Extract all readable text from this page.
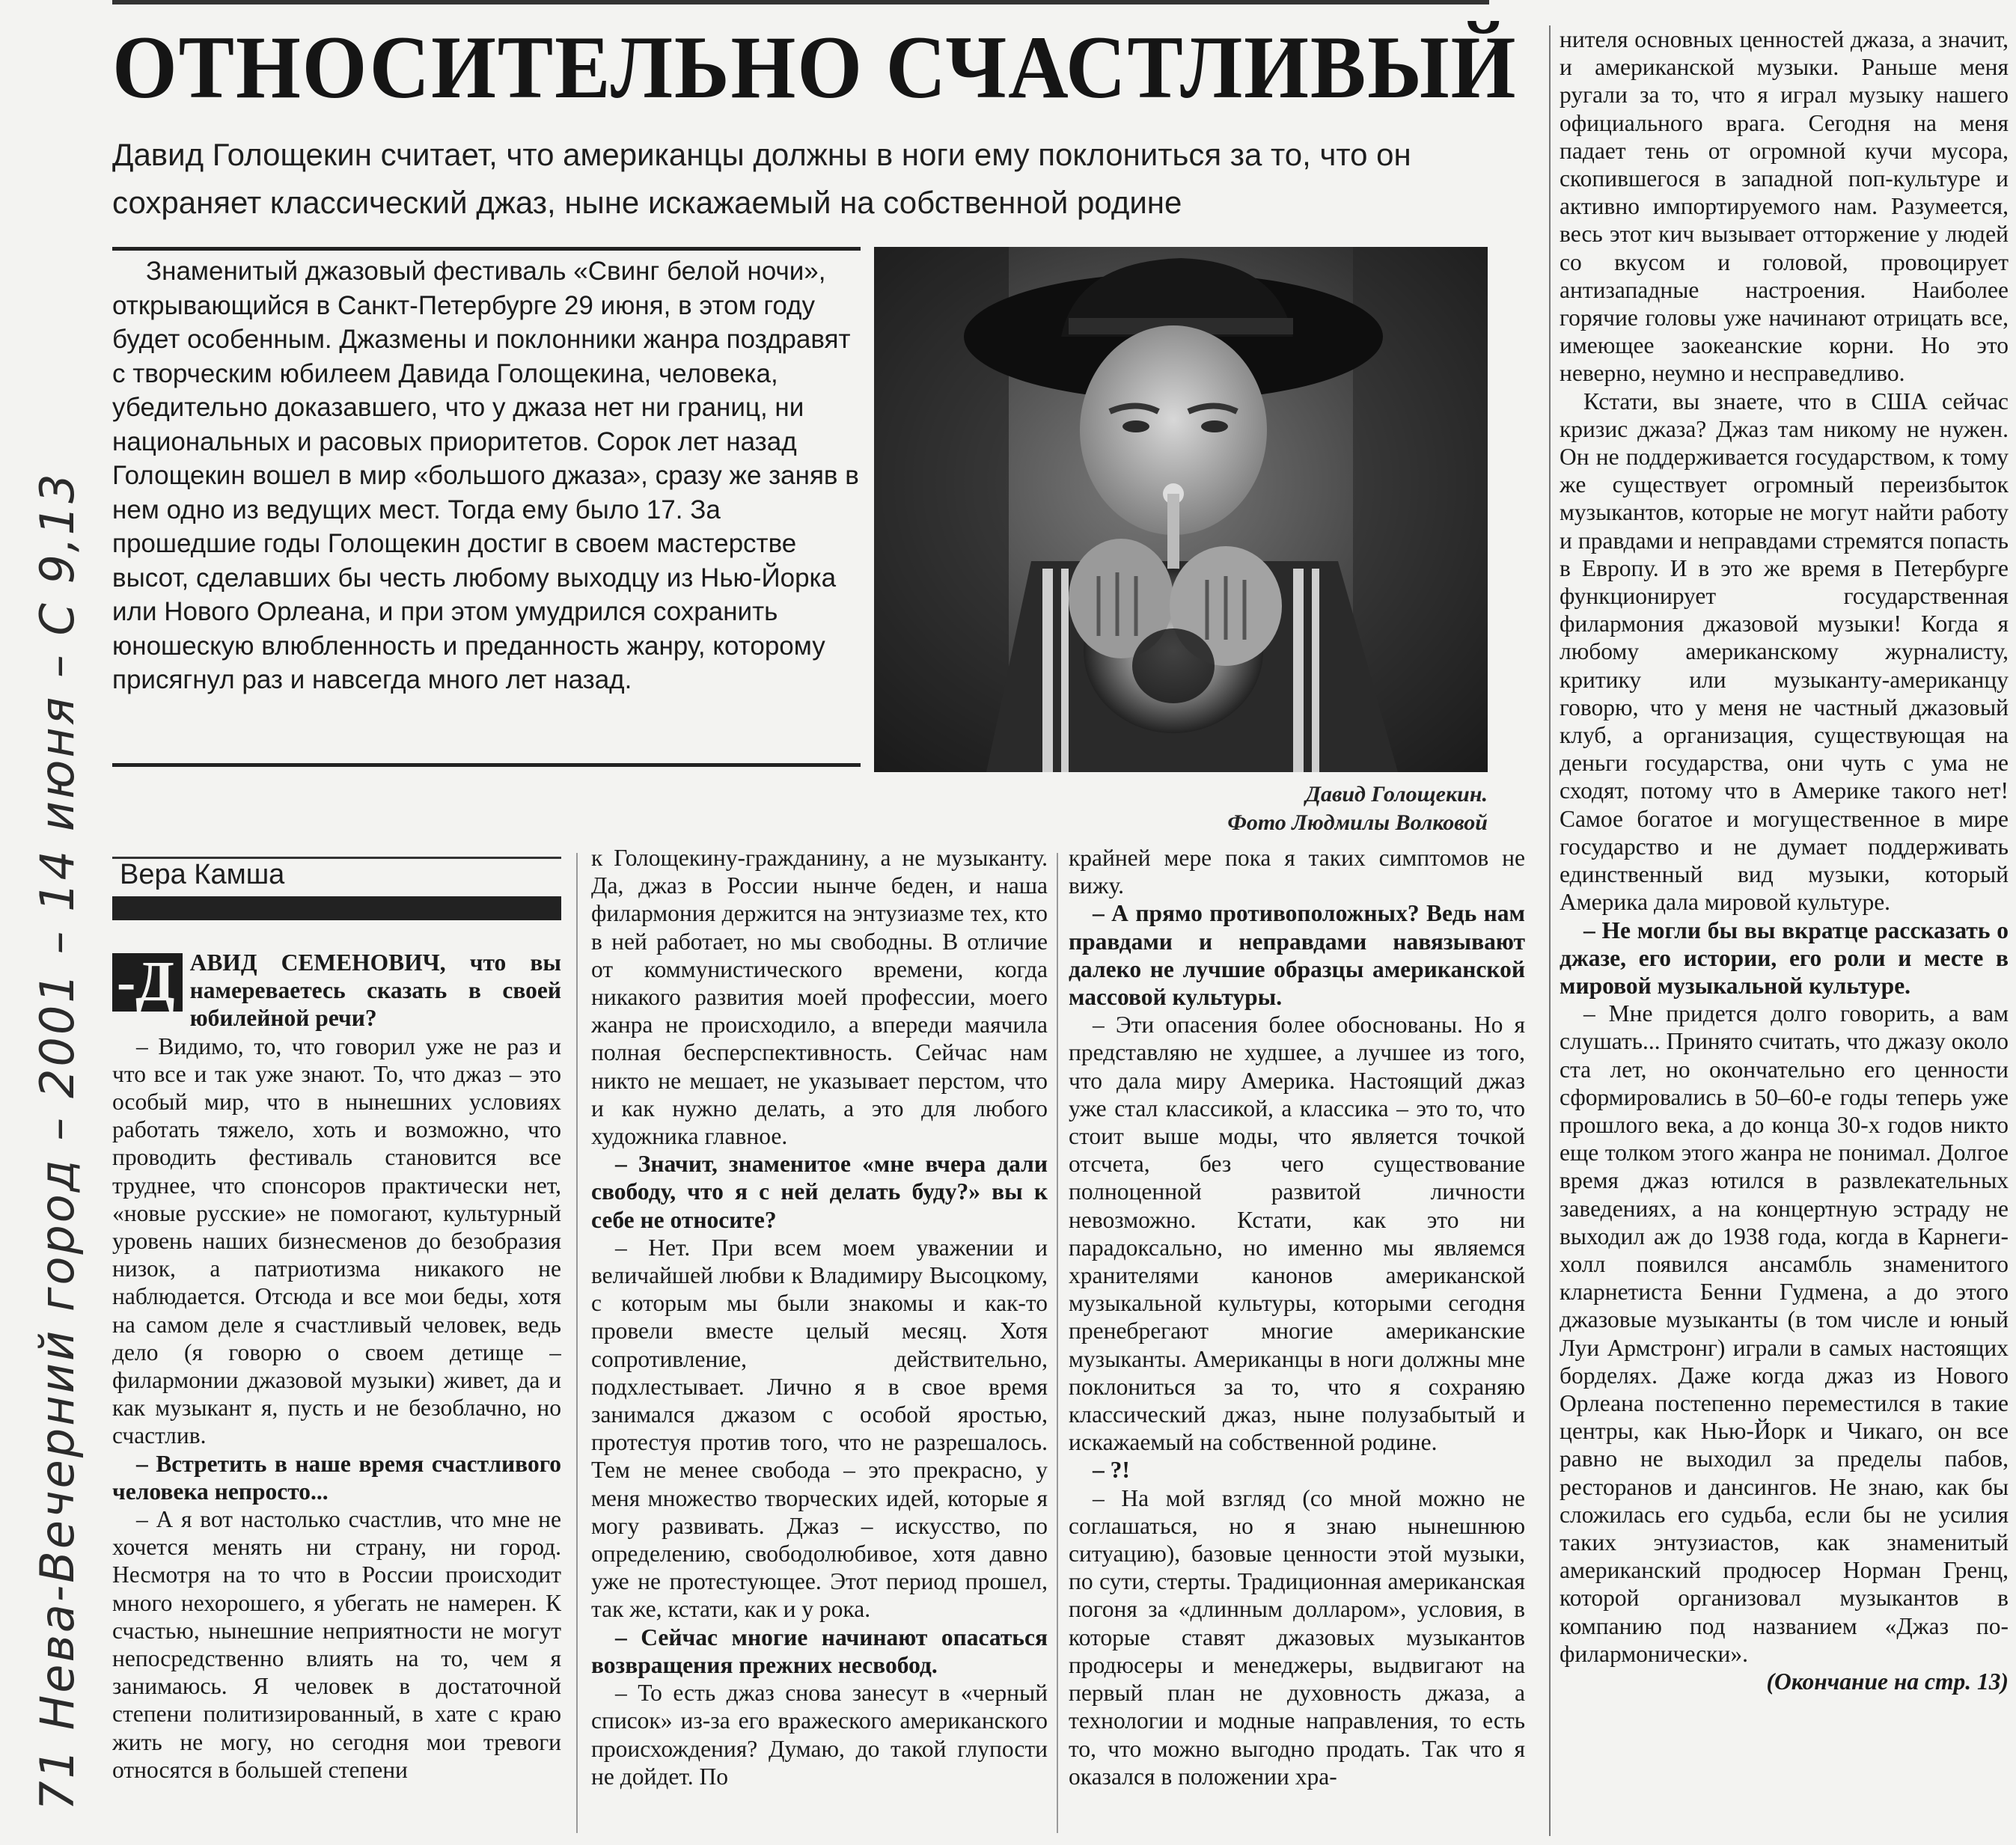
ОТНОСИТЕЛЬНО СЧАСТЛИВЫЙ
Давид Голощекин считает, что американцы должны в ноги ему поклониться за то, что он сохраняет классический джаз, ныне искажаемый на собственной родине
Знаменитый джазовый фестиваль «Свинг белой ночи», открывающийся в Санкт-Петербурге 29 июня, в этом году будет особенным. Джазмены и поклонники жанра поздравят с творческим юбилеем Давида Голощекина, человека, убедительно доказавшего, что у джаза нет ни границ, ни национальных и расовых приоритетов. Сорок лет назад Голощекин вошел в мир «большого джаза», сразу же заняв в нем одно из ведущих мест. Тогда ему было 17. За прошедшие годы Голощекин достиг в своем мастерстве высот, сделавших бы честь любому выходцу из Нью-Йорка или Нового Орлеана, и при этом умудрился сохранить юношескую влюбленность и преданность жанру, которому присягнул раз и навсегда много лет назад.
Давид Голощекин.
Фото Людмилы Волковой
Вера Камша

-Д АВИД СЕМЕНОВИЧ, что вы намереваетесь сказать в своей юбилейной речи?

– Видимо, то, что говорил уже не раз и что все и так уже знают. То, что джаз – это особый мир, что в нынешних условиях работать тяжело, хоть и возможно, что проводить фестиваль становится все труднее, что спонсоров практически нет, «новые русские» не помогают, культурный уровень наших бизнесменов до безобразия низок, а патриотизма никакого не наблюдается. Отсюда и все мои беды, хотя на самом деле я счастливый человек, ведь дело (я говорю о своем детище – филармонии джазовой музыки) живет, да и как музыкант я, пусть и не безоблачно, но счастлив.

– Встретить в наше время счастливого человека непросто...

– А я вот настолько счастлив, что мне не хочется менять ни страну, ни город. Несмотря на то что в России происходит много нехорошего, я убегать не намерен. К счастью, нынешние неприятности не могут непосредственно влиять на то, чем я занимаюсь. Я человек в достаточной степени политизированный, в хате с краю жить не могу, но сегодня мои тревоги относятся в большей степени

к Голощекину-гражданину, а не музыканту. Да, джаз в России нынче беден, и наша филармония держится на энтузиазме тех, кто в ней работает, но мы свободны. В отличие от коммунистического времени, когда никакого развития моей профессии, моего жанра не происходило, а впереди маячила полная бесперспективность. Сейчас нам никто не мешает, не указывает перстом, что и как нужно делать, а это для любого художника главное.

– Значит, знаменитое «мне вчера дали свободу, что я с ней делать буду?» вы к себе не относите?

– Нет. При всем моем уважении и величайшей любви к Владимиру Высоцкому, с которым мы были знакомы и как-то провели вместе целый месяц. Хотя сопротивление, действительно, подхлестывает. Лично я в свое время занимался джазом с особой яростью, протестуя против того, что не разрешалось. Тем не менее свобода – это прекрасно, у меня множество творческих идей, которые я могу развивать. Джаз – искусство, по определению, свободолюбивое, хотя давно уже не протестующее. Этот период прошел, так же, кстати, как и у рока.

– Сейчас многие начинают опасаться возвращения прежних несвобод.

– То есть джаз снова занесут в «черный список» из-за его вражеского американского происхождения? Думаю, до такой глупости не дойдет. По

крайней мере пока я таких симптомов не вижу.

– А прямо противоположных? Ведь нам правдами и неправдами навязывают далеко не лучшие образцы американской массовой культуры.

– Эти опасения более обоснованы. Но я представляю не худшее, а лучшее из того, что дала миру Америка. Настоящий джаз уже стал классикой, а классика – это то, что стоит выше моды, что является точкой отсчета, без чего существование полноценной развитой личности невозможно. Кстати, как это ни парадоксально, но именно мы являемся хранителями канонов американской музыкальной культуры, которыми сегодня пренебрегают многие американские музыканты. Американцы в ноги должны мне поклониться за то, что я сохраняю классический джаз, ныне полузабытый и искажаемый на собственной родине.

– ?!

– На мой взгляд (со мной можно не соглашаться, но я знаю нынешнюю ситуацию), базовые ценности этой музыки, по сути, стерты. Традиционная американская погоня за «длинным долларом», условия, в которые ставят джазовых музыкантов продюсеры и менеджеры, выдвигают на первый план не духовность джаза, а технологии и модные направления, то есть то, что можно выгодно продать. Так что я оказался в положении хра-

нителя основных ценностей джаза, а значит, и американской музыки. Раньше меня ругали за то, что я играл музыку нашего официального врага. Сегодня на меня падает тень от огромной кучи мусора, скопившегося в западной поп-культуре и активно импортируемого нам. Разумеется, весь этот кич вызывает отторжение у людей со вкусом и головой, провоцирует антизападные настроения. Наиболее горячие головы уже начинают отрицать все, имеющее заокеанские корни. Но это неверно, неумно и несправедливо.

Кстати, вы знаете, что в США сейчас кризис джаза? Джаз там никому не нужен. Он не поддерживается государством, к тому же существует огромный переизбыток музыкантов, которые не могут найти работу и правдами и неправдами стремятся попасть в Европу. И в это же время в Петербурге функционирует государственная филармония джазовой музыки! Когда я любому американскому журналисту, критику или музыканту-американцу говорю, что у меня не частный джазовый клуб, а организация, существующая на деньги государства, они чуть с ума не сходят, потому что в Америке такого нет! Самое богатое и могущественное в мире государство и не думает поддерживать единственный вид музыки, который Америка дала мировой культуре.

– Не могли бы вы вкратце рассказать о джазе, его истории, его роли и месте в мировой музыкальной культуре.

– Мне придется долго говорить, а вам слушать... Принято считать, что джазу около ста лет, но окончательно его ценности сформировались в 50–60-е годы теперь уже прошлого века, а до конца 30-х годов никто еще толком этого жанра не понимал. Долгое время джаз ютился в развлекательных заведениях, а на концертную эстраду не выходил аж до 1938 года, когда в Карнеги-холл появился ансамбль знаменитого кларнетиста Бенни Гудмена, а до этого джазовые музыканты (в том числе и юный Луи Армстронг) играли в самых настоящих борделях. Даже когда джаз из Нового Орлеана постепенно переместился в такие центры, как Нью-Йорк и Чикаго, он все равно не выходил за пределы пабов, ресторанов и дансингов. Не знаю, как бы сложилась его судьба, если бы не усилия таких энтузиастов, как знаменитый американский продюсер Норман Гренц, которой организовал музыкантов в компанию под названием «Джаз по-филармонически».

(Окончание на стр. 13)

71 Нева-Вечерний город – 2001 – 14 июня – С 9,13
